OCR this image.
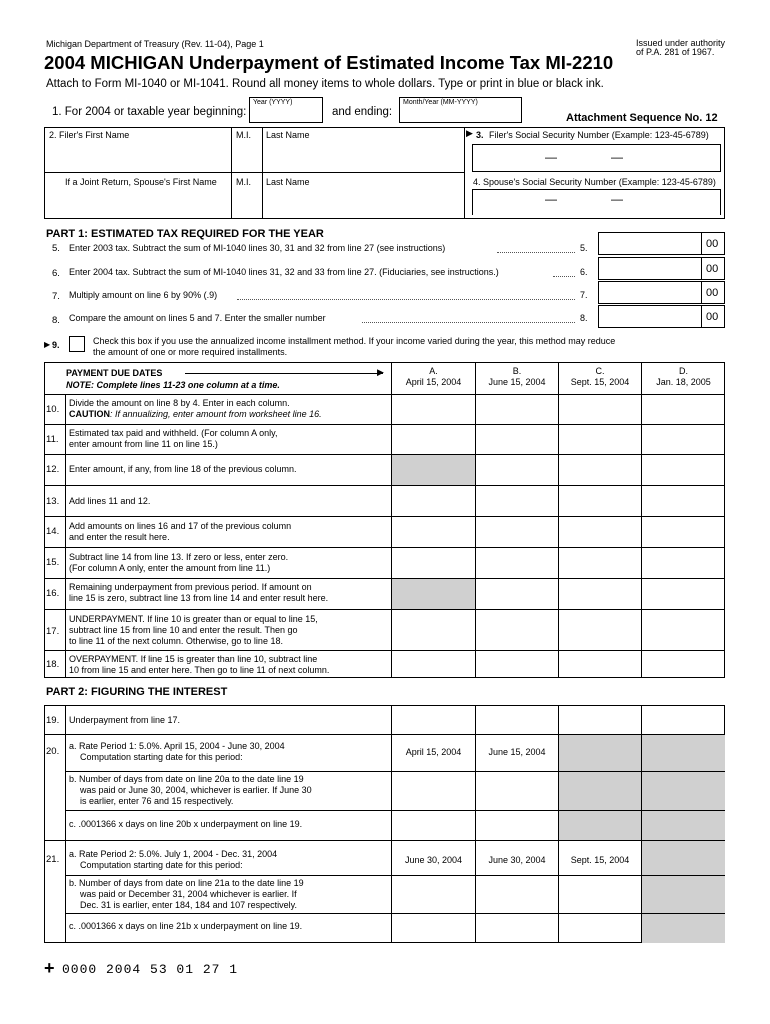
Michigan Department of Treasury (Rev. 11-04), Page 1	Issued under authority
of P.A. 281 of 1967.
2004 MICHIGAN Underpayment of Estimated Income Tax MI-2210
Attach to Form MI-1040 or MI-1041. Round all money items to whole dollars. Type or print in blue or black ink.
1. For 2004 or taxable year beginning:
Year (YYYY)
and ending:
Month/Year (MM-YYYY)
Attachment Sequence No. 12
2. Filer's First Name	M.I. Last Name	▶ 3. Filer's Social Security Number (Example: 123-45-6789)
—	—
If a Joint Return, Spouse's First Name M.I. Last Name	4. Spouse's Social Security Number (Example: 123-45-6789)
—	—
PART 1: ESTIMATED TAX REQUIRED FOR THE YEAR
5. Enter 2003 tax. Subtract the sum of MI-1040 lines 30, 31 and 32 from line 27 (see instructions)	5.	00
6. Enter 2004 tax. Subtract the sum of MI-1040 lines 31, 32 and 33 from line 27. (Fiduciaries, see instructions.)	6.	00
7. Multiply amount on line 6 by 90% (.9)	7.	00
8. Compare the amount on lines 5 and 7. Enter the smaller number	8.	00
▶ 9.	Check this box if you use the annualized income installment method. If your income varied during the year, this method may reduce
the amount of one or more required installments.
PAYMENT DUE DATES
NOTE: Complete lines 11-23 one column at a time.
▶	A.
April 15, 2004
B.
June 15, 2004
C.
Sept. 15, 2004
D.
Jan. 18, 2005
10.
Divide the amount on line 8 by 4. Enter in each column.
CAUTION: If annualizing, enter amount from worksheet line 16.
11.
Estimated tax paid and withheld. (For column A only,
enter amount from line 11 on line 15.)
12. Enter amount, if any, from line 18 of the previous column.
13. Add lines 11 and 12.
14. Add amounts on lines 16 and 17 of the previous column
and enter the result here.
15. Subtract line 14 from line 13. If zero or less, enter zero.
(For column A only, enter the amount from line 11.)
16.
Remaining underpayment from previous period. If amount on
line 15 is zero, subtract line 13 from line 14 and enter result here.
17.
UNDERPAYMENT. If line 10 is greater than or equal to line 15,
subtract line 15 from line 10 and enter the result. Then go
to line 11 of the next column. Otherwise, go to line 18.
18. OVERPAYMENT. If line 15 is greater than line 10, subtract line
10 from line 15 and enter here. Then go to line 11 of next column.
PART 2: FIGURING THE INTEREST
19. Underpayment from line 17.
20. a. Rate Period 1: 5.0%. April 15, 2004 - June 30, 2004
Computation starting date for this period:	April 15, 2004	June 15, 2004
b. Number of days from date on line 20a to the date line 19
was paid or June 30, 2004, whichever is earlier. If June 30
is earlier, enter 76 and 15 respectively.
c. .0001366 x days on line 20b x underpayment on line 19.
21. a. Rate Period 2: 5.0%. July 1, 2004 - Dec. 31, 2004
Computation starting date for this period:	June 30, 2004	June 30, 2004	Sept. 15, 2004
b. Number of days from date on line 21a to the date line 19
was paid or December 31, 2004 whichever is earlier. If
Dec. 31 is earlier, enter 184, 184 and 107 respectively.
c. .0001366 x days on line 21b x underpayment on line 19.
+ 0000 2004 53 01 27 1
